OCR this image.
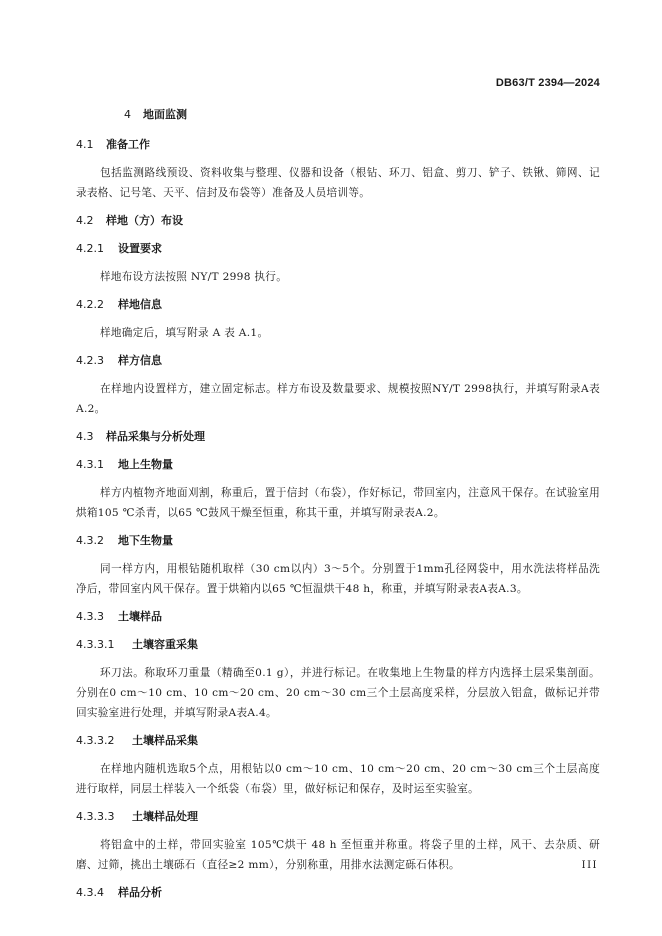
DB63/T 2394—2024
4 地面监测
4.1 准备工作

包括监测路线预设、资料收集与整理、仪器和设备（根钻、环刀、铝盒、剪刀、铲子、铁锹、筛网、记录表格、记号笔、天平、信封及布袋等）准备及人员培训等。

4.2 样地（方）布设
4.2.1 设置要求

样地布设方法按照 NY/T 2998 执行。

4.2.2 样地信息

样地确定后，填写附录 A 表 A.1。

4.2.3 样方信息

在样地内设置样方，建立固定标志。样方布设及数量要求、规模按照NY/T 2998执行，并填写附录A表A.2。

4.3 样品采集与分析处理
4.3.1 地上生物量

样方内植物齐地面刈割，称重后，置于信封（布袋），作好标记，带回室内，注意风干保存。在试验室用烘箱105 ℃杀青，以65 ℃鼓风干燥至恒重，称其干重，并填写附录表A.2。

4.3.2 地下生物量

同一样方内，用根钻随机取样（30 cm以内）3～5个。分别置于1mm孔径网袋中，用水洗法将样品洗净后，带回室内风干保存。置于烘箱内以65 ℃恒温烘干48 h，称重，并填写附录表A表A.3。

4.3.3 土壤样品
4.3.3.1 土壤容重采集

环刀法。称取环刀重量（精确至0.1 g），并进行标记。在收集地上生物量的样方内选择土层采集剖面。分别在0 cm～10 cm、10 cm～20 cm、20 cm～30 cm三个土层高度采样，分层放入铝盒，做标记并带回实验室进行处理，并填写附录A表A.4。

4.3.3.2 土壤样品采集

在样地内随机选取5个点，用根钻以0 cm～10 cm、10 cm～20 cm、20 cm～30 cm三个土层高度进行取样，同层土样装入一个纸袋（布袋）里，做好标记和保存，及时运至实验室。

4.3.3.3 土壤样品处理

将铝盒中的土样，带回实验室 105℃烘干 48 h 至恒重并称重。将袋子里的土样，风干、去杂质、研磨、过筛，挑出土壤砾石（直径≥2 mm），分别称重，用排水法测定砾石体积。

4.3.4 样品分析
III
